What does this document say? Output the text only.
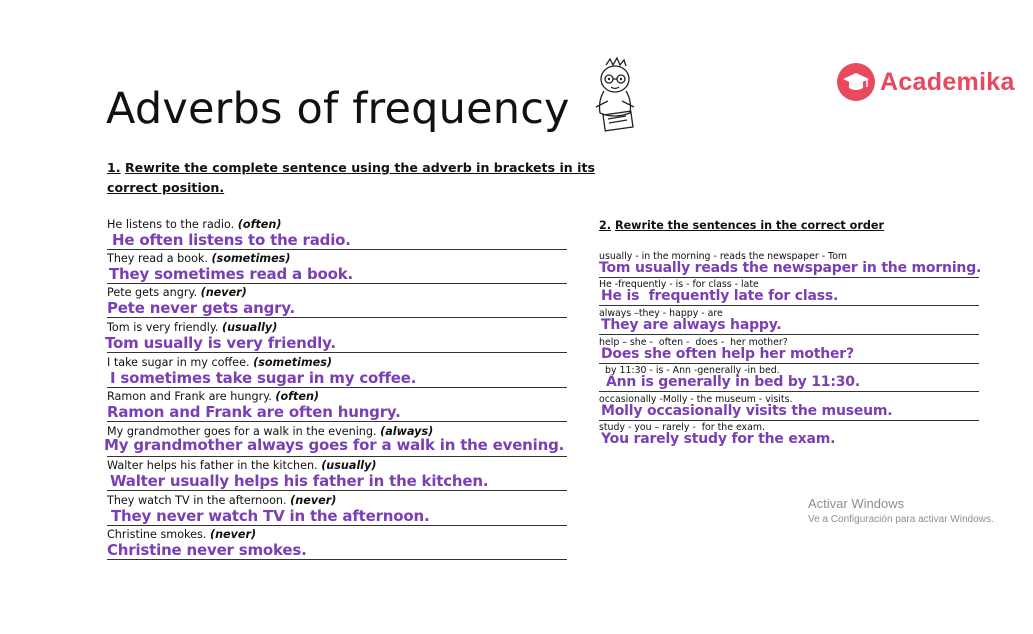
Adverbs of frequency
Academika
1. Rewrite the complete sentence using the adverb in brackets in its correct position.
He listens to the radio. (often)
He often listens to the radio.
They read a book. (sometimes)
They sometimes read a book.
Pete gets angry. (never)
Pete never gets angry.
Tom is very friendly. (usually)
Tom usually is very friendly.
I take sugar in my coffee. (sometimes)
I sometimes take sugar in my coffee.
Ramon and Frank are hungry. (often)
Ramon and Frank are often hungry.
My grandmother goes for a walk in the evening. (always)
My grandmother always goes for a walk in the evening.
Walter helps his father in the kitchen. (usually)
Walter usually helps his father in the kitchen.
They watch TV in the afternoon. (never)
They never watch TV in the afternoon.
Christine smokes. (never)
Christine never smokes.
2. Rewrite the sentences in the correct order
usually - in the morning - reads the newspaper - Tom
Tom usually reads the newspaper in the morning.
He -frequently - is - for class - late
He is  frequently late for class.
always –they - happy - are
They are always happy.
help – she -  often -  does -  her mother?
Does she often help her mother?
by 11:30 - is - Ann -generally -in bed.
Ann is generally in bed by 11:30.
occasionally -Molly - the museum - visits.
Molly occasionally visits the museum.
study - you – rarely -  for the exam.
You rarely study for the exam.
Activar Windows
Ve a Configuración para activar Windows.
